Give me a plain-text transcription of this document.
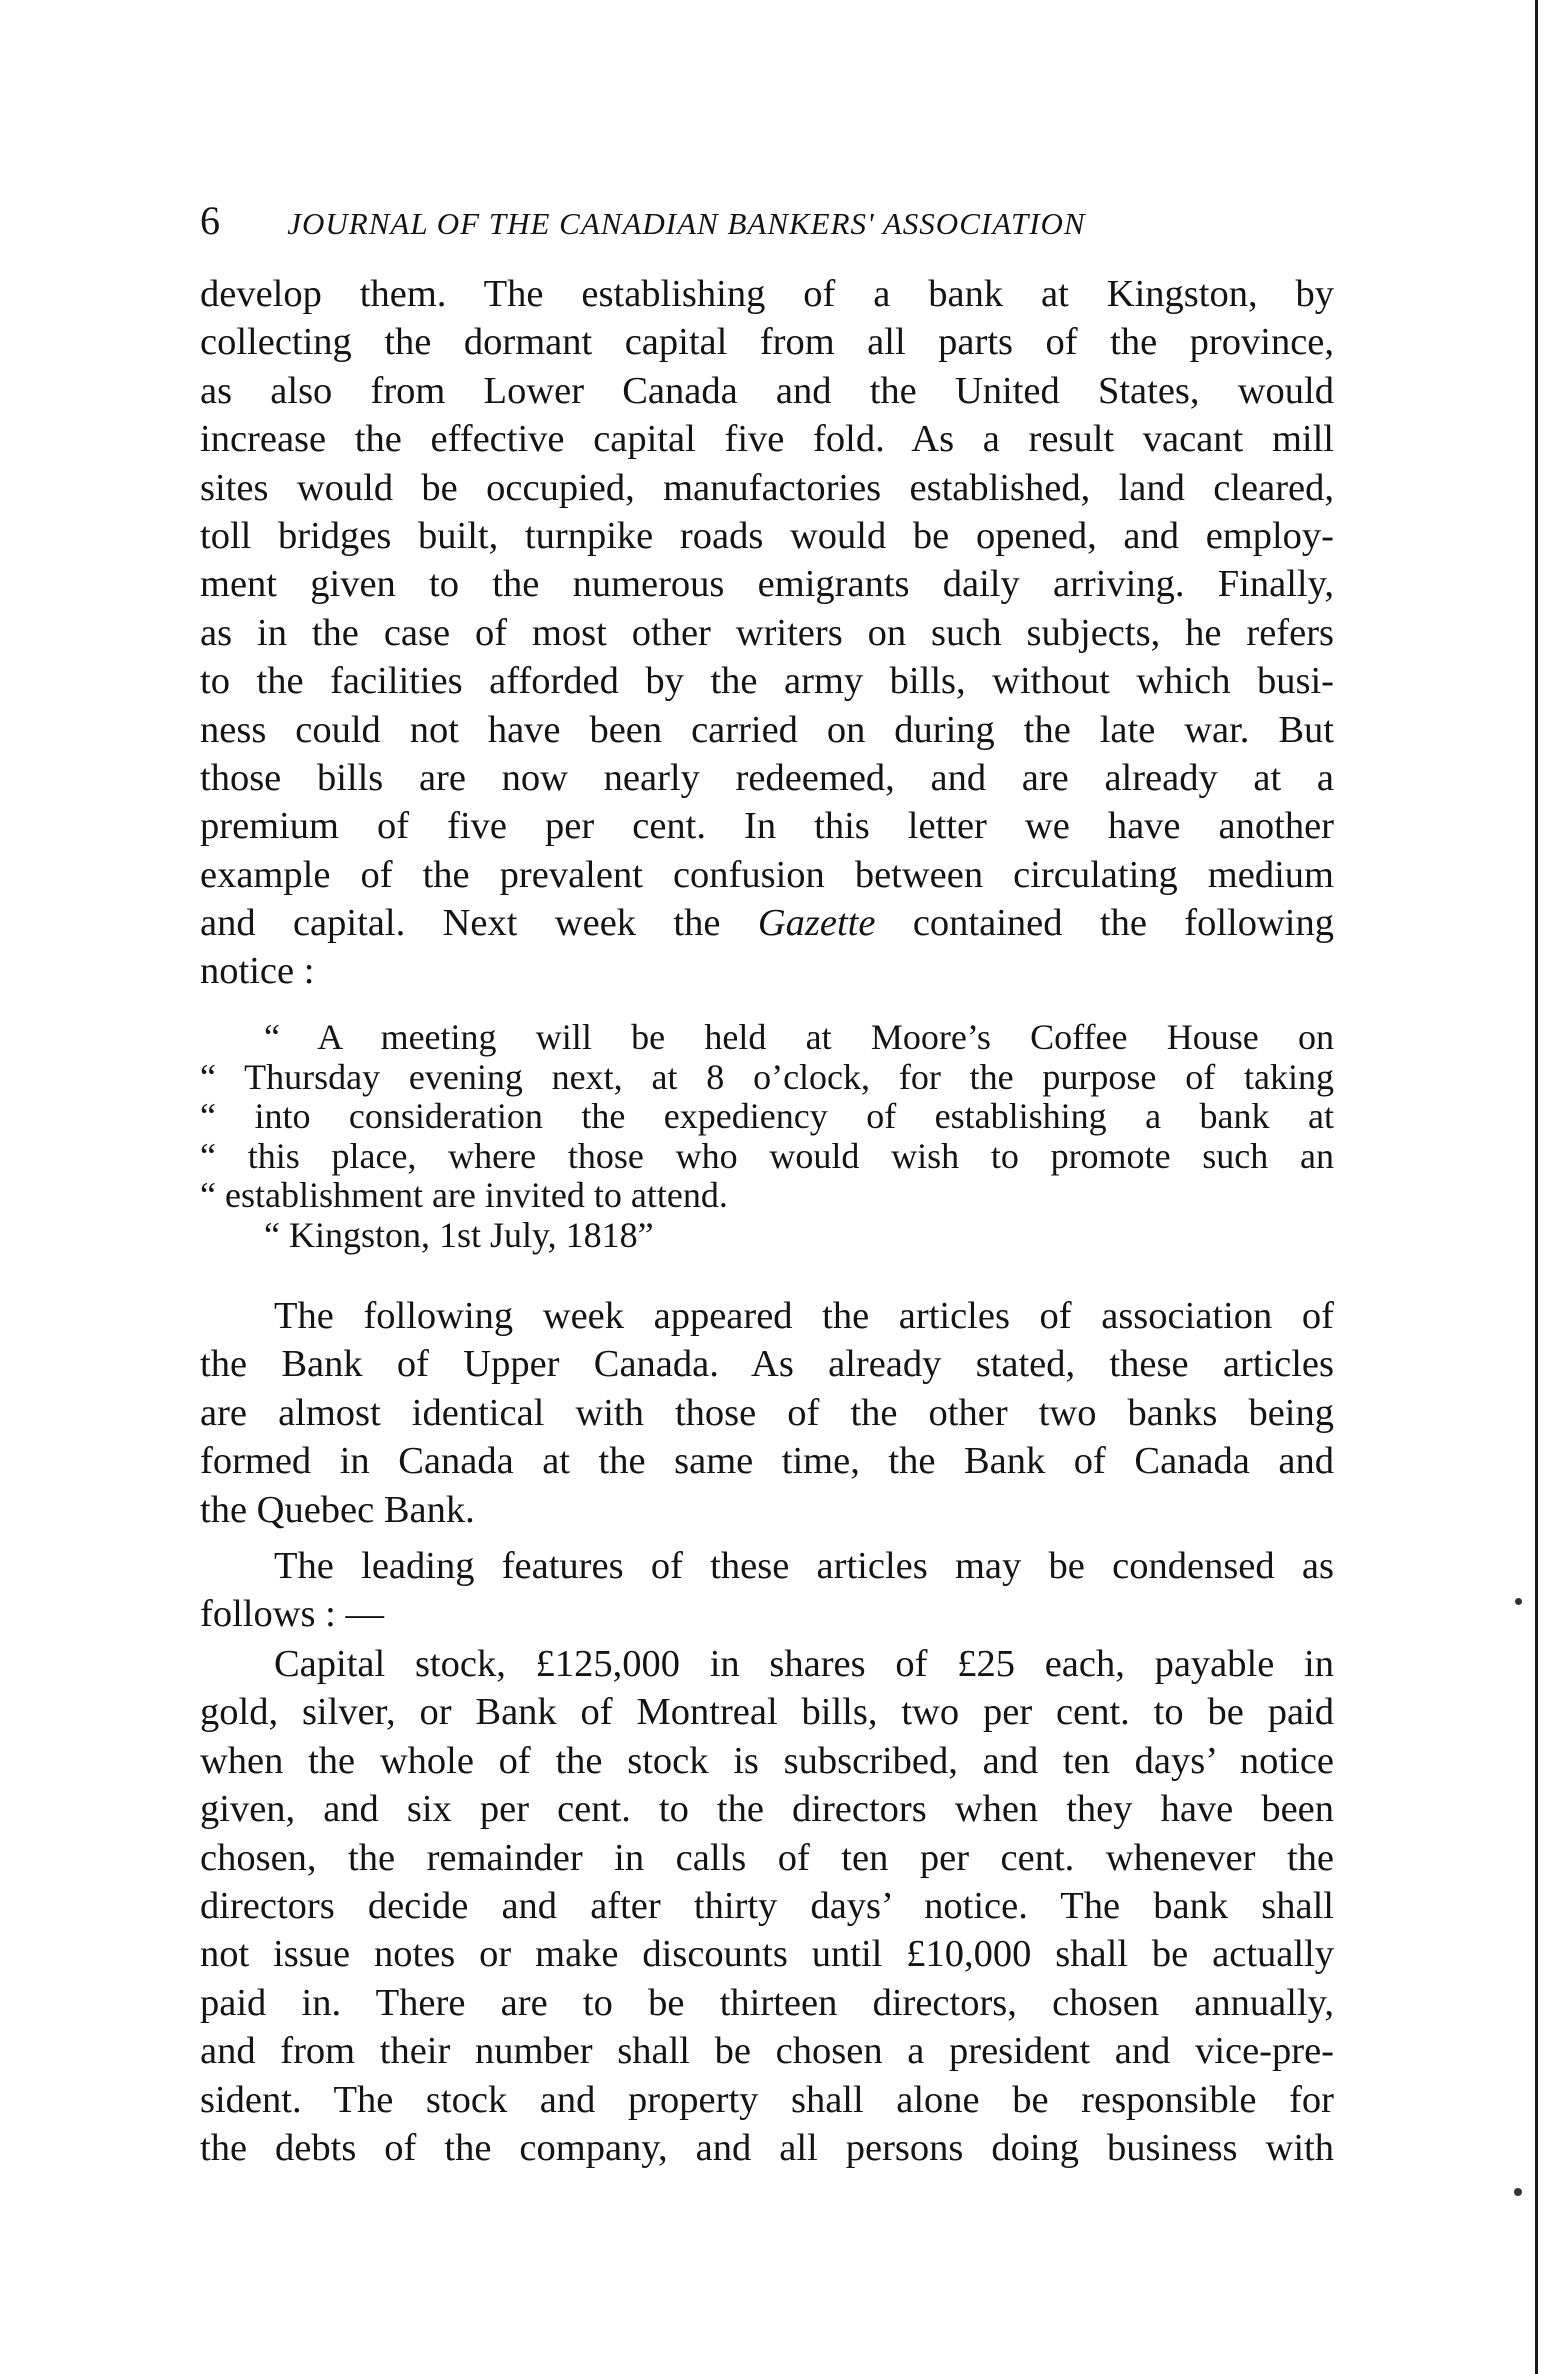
6 JOURNAL OF THE CANADIAN BANKERS' ASSOCIATION
develop them. The establishing of a bank at Kingston, by
collecting the dormant capital from all parts of the province,
as also from Lower Canada and the United States, would
increase the effective capital five fold. As a result vacant mill
sites would be occupied, manufactories established, land cleared,
toll bridges built, turnpike roads would be opened, and employ-
ment given to the numerous emigrants daily arriving. Finally,
as in the case of most other writers on such subjects, he refers
to the facilities afforded by the army bills, without which busi-
ness could not have been carried on during the late war. But
those bills are now nearly redeemed, and are already at a
premium of five per cent. In this letter we have another
example of the prevalent confusion between circulating medium
and capital. Next week the Gazette contained the following
notice :
“ A meeting will be held at Moore’s Coffee House on
“ Thursday evening next, at 8 o’clock, for the purpose of taking
“ into consideration the expediency of establishing a bank at
“ this place, where those who would wish to promote such an
“ establishment are invited to attend.
“ Kingston, 1st July, 1818”
The following week appeared the articles of association of
the Bank of Upper Canada. As already stated, these articles
are almost identical with those of the other two banks being
formed in Canada at the same time, the Bank of Canada and
the Quebec Bank.
The leading features of these articles may be condensed as
follows : —
Capital stock, £125,000 in shares of £25 each, payable in
gold, silver, or Bank of Montreal bills, two per cent. to be paid
when the whole of the stock is subscribed, and ten days’ notice
given, and six per cent. to the directors when they have been
chosen, the remainder in calls of ten per cent. whenever the
directors decide and after thirty days’ notice. The bank shall
not issue notes or make discounts until £10,000 shall be actually
paid in. There are to be thirteen directors, chosen annually,
and from their number shall be chosen a president and vice-pre-
sident. The stock and property shall alone be responsible for
the debts of the company, and all persons doing business with
